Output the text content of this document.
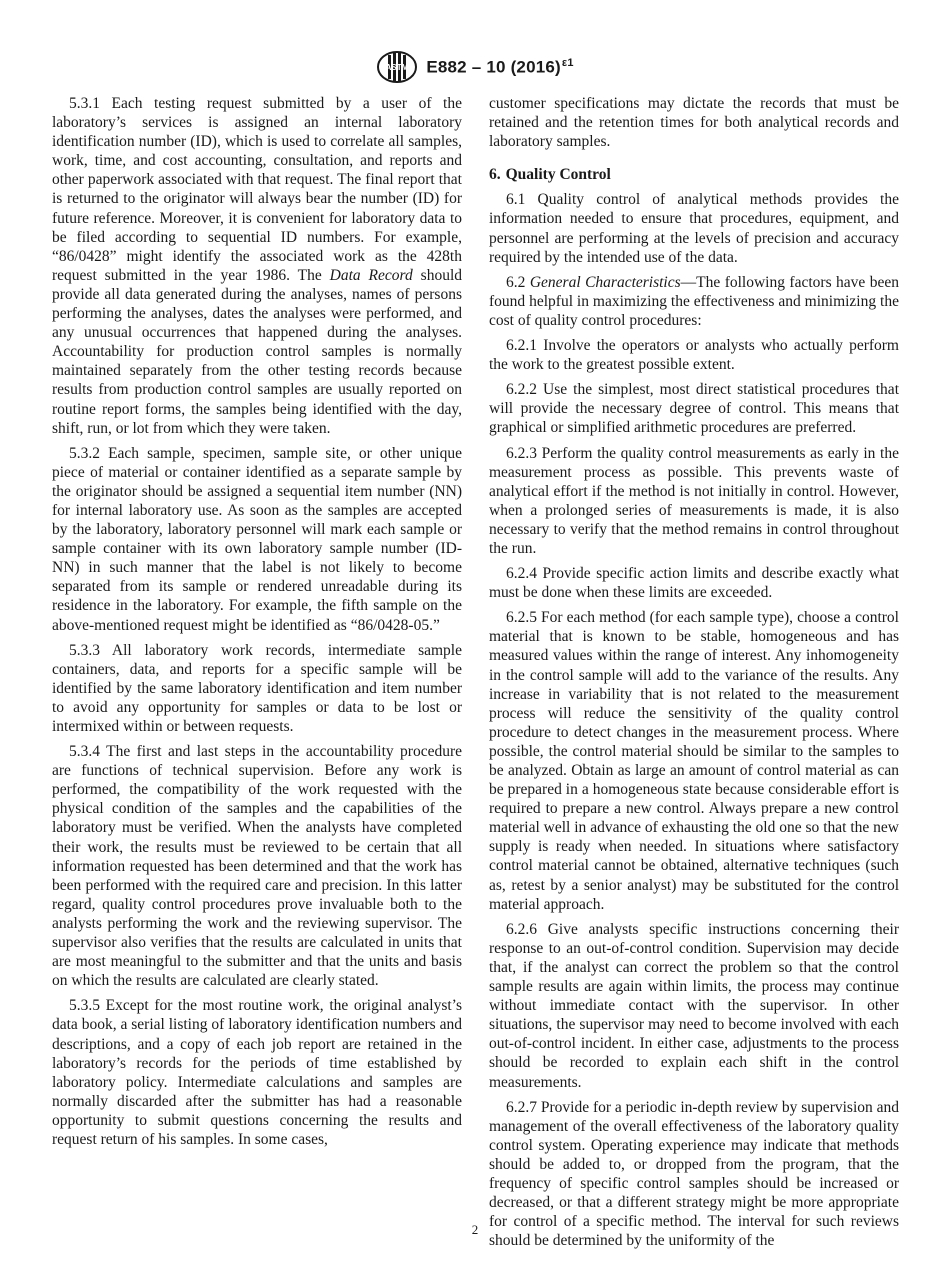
ASTM E882 – 10 $(2016)^{\varepsilon 1}$

5.3.1 Each testing request submitted by a user of the laboratory’s services is assigned an internal laboratory identification number (ID), which is used to correlate all samples, work, time, and cost accounting, consultation, and reports and other paperwork associated with that request. The final report that is returned to the originator will always bear the number (ID) for future reference. Moreover, it is convenient for laboratory data to be filed according to sequential ID numbers. For example, “86/0428” might identify the associated work as the 428th request submitted in the year 1986. The Data Record should provide all data generated during the analyses, names of persons performing the analyses, dates the analyses were performed, and any unusual occurrences that happened during the analyses. Accountability for production control samples is normally maintained separately from the other testing records because results from production control samples are usually reported on routine report forms, the samples being identified with the day, shift, run, or lot from which they were taken.

5.3.2 Each sample, specimen, sample site, or other unique piece of material or container identified as a separate sample by the originator should be assigned a sequential item number (NN) for internal laboratory use. As soon as the samples are accepted by the laboratory, laboratory personnel will mark each sample or sample container with its own laboratory sample number (ID-NN) in such manner that the label is not likely to become separated from its sample or rendered unreadable during its residence in the laboratory. For example, the fifth sample on the above-mentioned request might be identified as “86/0428-05.”

5.3.3 All laboratory work records, intermediate sample containers, data, and reports for a specific sample will be identified by the same laboratory identification and item number to avoid any opportunity for samples or data to be lost or intermixed within or between requests.

5.3.4 The first and last steps in the accountability procedure are functions of technical supervision. Before any work is performed, the compatibility of the work requested with the physical condition of the samples and the capabilities of the laboratory must be verified. When the analysts have completed their work, the results must be reviewed to be certain that all information requested has been determined and that the work has been performed with the required care and precision. In this latter regard, quality control procedures prove invaluable both to the analysts performing the work and the reviewing supervisor. The supervisor also verifies that the results are calculated in units that are most meaningful to the submitter and that the units and basis on which the results are calculated are clearly stated.

5.3.5 Except for the most routine work, the original analyst’s data book, a serial listing of laboratory identification numbers and descriptions, and a copy of each job report are retained in the laboratory’s records for the periods of time established by laboratory policy. Intermediate calculations and samples are normally discarded after the submitter has had a reasonable opportunity to submit questions concerning the results and request return of his samples. In some cases,

customer specifications may dictate the records that must be retained and the retention times for both analytical records and laboratory samples.

6. Quality Control

6.1 Quality control of analytical methods provides the information needed to ensure that procedures, equipment, and personnel are performing at the levels of precision and accuracy required by the intended use of the data.

6.2 General Characteristics—The following factors have been found helpful in maximizing the effectiveness and minimizing the cost of quality control procedures:

6.2.1 Involve the operators or analysts who actually perform the work to the greatest possible extent.

6.2.2 Use the simplest, most direct statistical procedures that will provide the necessary degree of control. This means that graphical or simplified arithmetic procedures are preferred.

6.2.3 Perform the quality control measurements as early in the measurement process as possible. This prevents waste of analytical effort if the method is not initially in control. However, when a prolonged series of measurements is made, it is also necessary to verify that the method remains in control throughout the run.

6.2.4 Provide specific action limits and describe exactly what must be done when these limits are exceeded.

6.2.5 For each method (for each sample type), choose a control material that is known to be stable, homogeneous and has measured values within the range of interest. Any inhomogeneity in the control sample will add to the variance of the results. Any increase in variability that is not related to the measurement process will reduce the sensitivity of the quality control procedure to detect changes in the measurement process. Where possible, the control material should be similar to the samples to be analyzed. Obtain as large an amount of control material as can be prepared in a homogeneous state because considerable effort is required to prepare a new control. Always prepare a new control material well in advance of exhausting the old one so that the new supply is ready when needed. In situations where satisfactory control material cannot be obtained, alternative techniques (such as, retest by a senior analyst) may be substituted for the control material approach.

6.2.6 Give analysts specific instructions concerning their response to an out-of-control condition. Supervision may decide that, if the analyst can correct the problem so that the control sample results are again within limits, the process may continue without immediate contact with the supervisor. In other situations, the supervisor may need to become involved with each out-of-control incident. In either case, adjustments to the process should be recorded to explain each shift in the control measurements.

6.2.7 Provide for a periodic in-depth review by supervision and management of the overall effectiveness of the laboratory quality control system. Operating experience may indicate that methods should be added to, or dropped from the program, that the frequency of specific control samples should be increased or decreased, or that a different strategy might be more appropriate for control of a specific method. The interval for such reviews should be determined by the uniformity of the

2
